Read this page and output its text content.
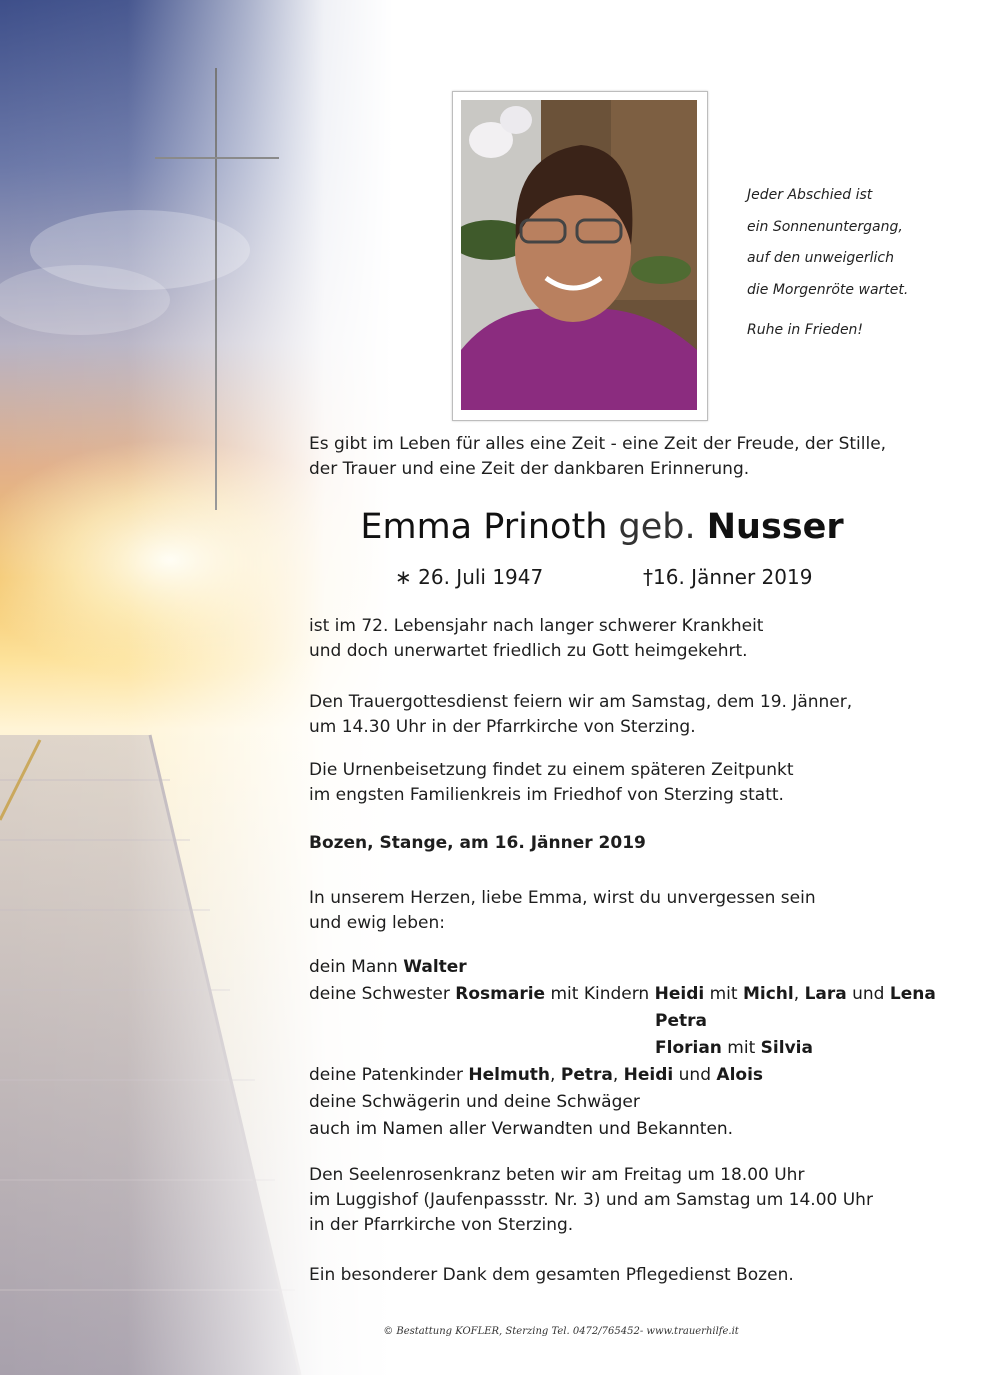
Jeder Abschied ist
ein Sonnenuntergang,
auf den unweigerlich
die Morgenröte wartet.
Ruhe in Frieden!
Es gibt im Leben für alles eine Zeit - eine Zeit der Freude, der Stille,
der Trauer und eine Zeit der dankbaren Erinnerung.
Emma Prinoth geb. Nusser
∗ 26. Juli 1947	†16. Jänner 2019
ist im 72. Lebensjahr nach langer schwerer Krankheit
und doch unerwartet friedlich zu Gott heimgekehrt.
Den Trauergottesdienst feiern wir am Samstag, dem 19. Jänner,
um 14.30 Uhr in der Pfarrkirche von Sterzing.
Die Urnenbeisetzung findet zu einem späteren Zeitpunkt
im engsten Familienkreis im Friedhof von Sterzing statt.
Bozen, Stange, am 16. Jänner 2019
In unserem Herzen, liebe Emma, wirst du unvergessen sein
und ewig leben:
dein Mann Walter
deine Schwester Rosmarie mit Kindern Heidi mit Michl, Lara und Lena
Petra
Florian mit Silvia
deine Patenkinder Helmuth, Petra, Heidi und Alois
deine Schwägerin und deine Schwäger
auch im Namen aller Verwandten und Bekannten.
Den Seelenrosenkranz beten wir am Freitag um 18.00 Uhr
im Luggishof (Jaufenpassstr. Nr. 3) und am Samstag um 14.00 Uhr
in der Pfarrkirche von Sterzing.
Ein besonderer Dank dem gesamten Pflegedienst Bozen.
© Bestattung KOFLER, Sterzing Tel. 0472/765452- www.trauerhilfe.it
